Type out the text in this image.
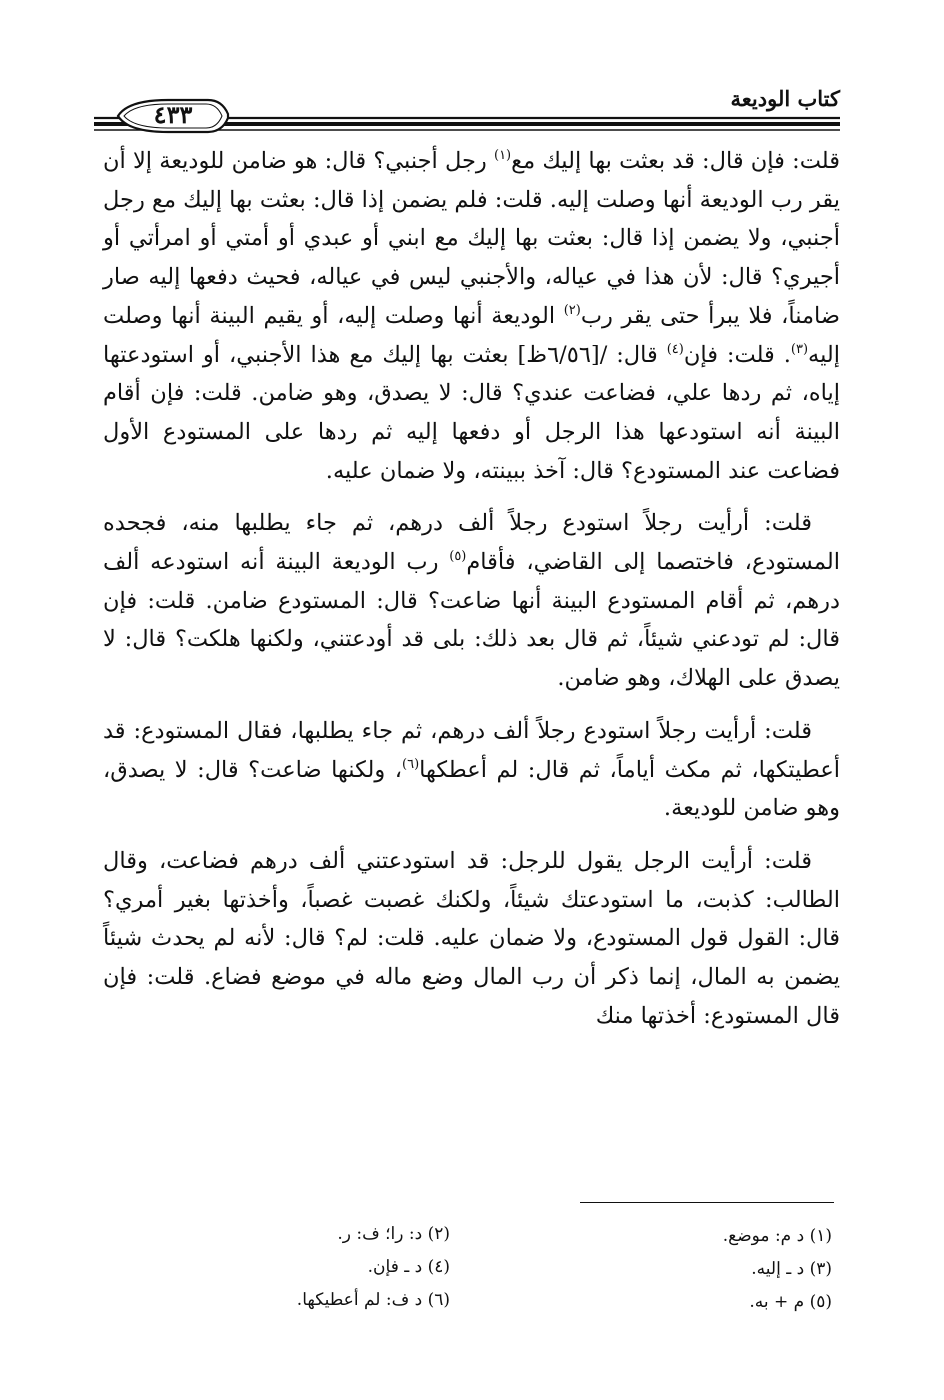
كتاب الوديعة
٤٣٣

قلت: فإن قال: قد بعثت بها إليك مع$^{(١)}$ رجل أجنبي؟ قال: هو ضامن للوديعة إلا أن يقر رب الوديعة أنها وصلت إليه. قلت: فلم يضمن إذا قال: بعثت بها إليك مع رجل أجنبي، ولا يضمن إذا قال: بعثت بها إليك مع ابني أو عبدي أو أمتي أو امرأتي أو أجيري؟ قال: لأن هذا في عياله، والأجنبي ليس في عياله، فحيث دفعها إليه صار ضامناً، فلا يبرأ حتى يقر رب$^{(٢)}$ الوديعة أنها وصلت إليه، أو يقيم البينة أنها وصلت إليه$^{(٣)}$. قلت: فإن$^{(٤)}$ قال: /[٦/٥٦ظ] بعثت بها إليك مع هذا الأجنبي، أو استودعتها إياه، ثم ردها علي، فضاعت عندي؟ قال: لا يصدق، وهو ضامن. قلت: فإن أقام البينة أنه استودعها هذا الرجل أو دفعها إليه ثم ردها على المستودع الأول فضاعت عند المستودع؟ قال: آخذ ببينته، ولا ضمان عليه.

قلت: أرأيت رجلاً استودع رجلاً ألف درهم، ثم جاء يطلبها منه، فجحده المستودع، فاختصما إلى القاضي، فأقام$^{(٥)}$ رب الوديعة البينة أنه استودعه ألف درهم، ثم أقام المستودع البينة أنها ضاعت؟ قال: المستودع ضامن. قلت: فإن قال: لم تودعني شيئاً، ثم قال بعد ذلك: بلى قد أودعتني، ولكنها هلكت؟ قال: لا يصدق على الهلاك، وهو ضامن.

قلت: أرأيت رجلاً استودع رجلاً ألف درهم، ثم جاء يطلبها، فقال المستودع: قد أعطيتكها، ثم مكث أياماً، ثم قال: لم أعطكها$^{(٦)}$، ولكنها ضاعت؟ قال: لا يصدق، وهو ضامن للوديعة.

قلت: أرأيت الرجل يقول للرجل: قد استودعتني ألف درهم فضاعت، وقال الطالب: كذبت، ما استودعتك شيئاً، ولكنك غصبت غصباً، وأخذتها بغير أمري؟ قال: القول قول المستودع، ولا ضمان عليه. قلت: لم؟ قال: لأنه لم يحدث شيئاً يضمن به المال، إنما ذكر أن رب المال وضع ماله في موضع فضاع. قلت: فإن قال المستودع: أخذتها منك

(١) د م: موضع.
(٣) د ـ إليه.
(٥) م + به.
(٢) د: را؛ ف: ر.
(٤) د ـ فإن.
(٦) د ف: لم أعطيكها.
